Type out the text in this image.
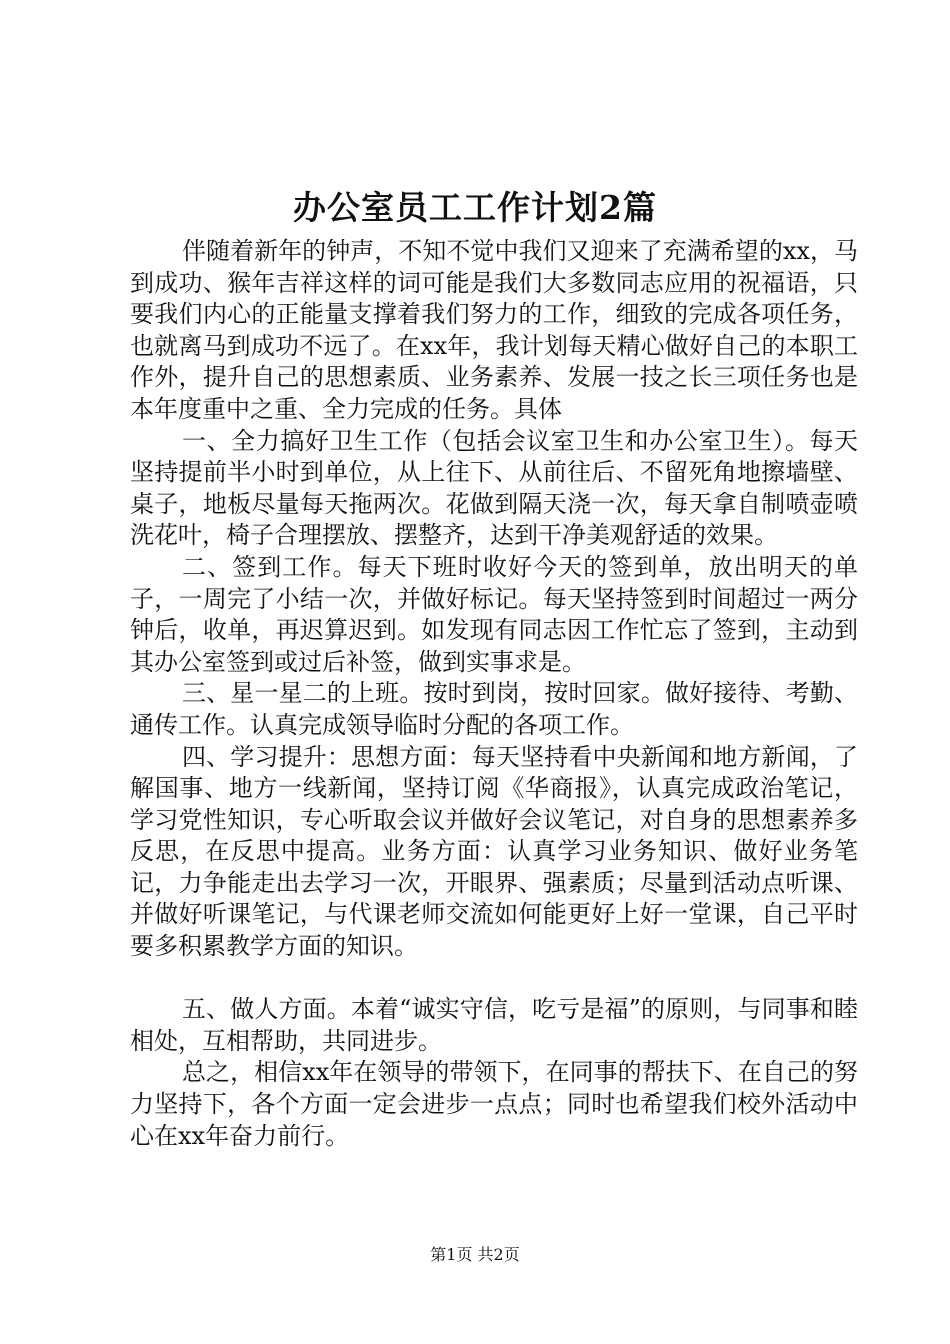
办公室员工工作计划2篇

伴随着新年的钟声，不知不觉中我们又迎来了充满希望的xx，马到成功、猴年吉祥这样的词可能是我们大多数同志应用的祝福语，只要我们内心的正能量支撑着我们努力的工作，细致的完成各项任务，也就离马到成功不远了。在xx年，我计划每天精心做好自己的本职工作外，提升自己的思想素质、业务素养、发展一技之长三项任务也是本年度重中之重、全力完成的任务。具体

一、全力搞好卫生工作（包括会议室卫生和办公室卫生）。每天坚持提前半小时到单位，从上往下、从前往后、不留死角地擦墙壁、桌子，地板尽量每天拖两次。花做到隔天浇一次，每天拿自制喷壶喷洗花叶，椅子合理摆放、摆整齐，达到干净美观舒适的效果。

二、签到工作。每天下班时收好今天的签到单，放出明天的单子，一周完了小结一次，并做好标记。每天坚持签到时间超过一两分钟后，收单，再迟算迟到。如发现有同志因工作忙忘了签到，主动到其办公室签到或过后补签，做到实事求是。

三、星一星二的上班。按时到岗，按时回家。做好接待、考勤、通传工作。认真完成领导临时分配的各项工作。

四、学习提升：思想方面：每天坚持看中央新闻和地方新闻，了解国事、地方一线新闻，坚持订阅《华商报》，认真完成政治笔记，学习党性知识，专心听取会议并做好会议笔记，对自身的思想素养多反思，在反思中提高。业务方面：认真学习业务知识、做好业务笔记，力争能走出去学习一次，开眼界、强素质；尽量到活动点听课、并做好听课笔记，与代课老师交流如何能更好上好一堂课，自己平时要多积累教学方面的知识。

五、做人方面。本着“诚实守信，吃亏是福”的原则，与同事和睦相处，互相帮助，共同进步。

总之，相信xx年在领导的带领下，在同事的帮扶下、在自己的努力坚持下，各个方面一定会进步一点点；同时也希望我们校外活动中心在xx年奋力前行。

第1页 共2页
